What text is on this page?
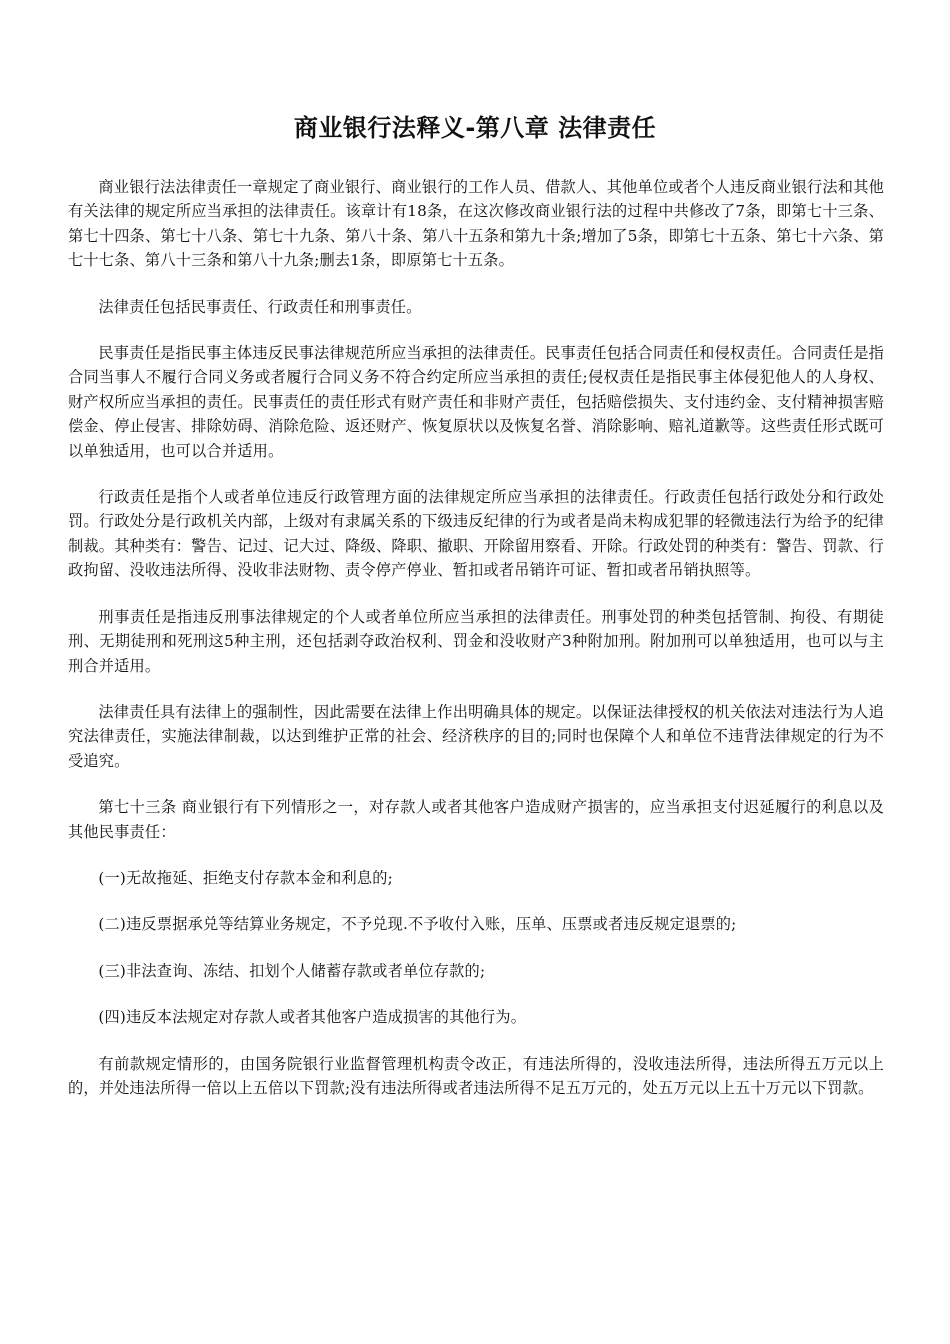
商业银行法释义-第八章 法律责任

商业银行法法律责任一章规定了商业银行、商业银行的工作人员、借款人、其他单位或者个人违反商业银行法和其他有关法律的规定所应当承担的法律责任。该章计有18条，在这次修改商业银行法的过程中共修改了7条，即第七十三条、第七十四条、第七十八条、第七十九条、第八十条、第八十五条和第九十条;增加了5条，即第七十五条、第七十六条、第七十七条、第八十三条和第八十九条;删去1条，即原第七十五条。

法律责任包括民事责任、行政责任和刑事责任。

民事责任是指民事主体违反民事法律规范所应当承担的法律责任。民事责任包括合同责任和侵权责任。合同责任是指合同当事人不履行合同义务或者履行合同义务不符合约定所应当承担的责任;侵权责任是指民事主体侵犯他人的人身权、财产权所应当承担的责任。民事责任的责任形式有财产责任和非财产责任，包括赔偿损失、支付违约金、支付精神损害赔偿金、停止侵害、排除妨碍、消除危险、返还财产、恢复原状以及恢复名誉、消除影响、赔礼道歉等。这些责任形式既可以单独适用，也可以合并适用。

行政责任是指个人或者单位违反行政管理方面的法律规定所应当承担的法律责任。行政责任包括行政处分和行政处罚。行政处分是行政机关内部，上级对有隶属关系的下级违反纪律的行为或者是尚未构成犯罪的轻微违法行为给予的纪律制裁。其种类有：警告、记过、记大过、降级、降职、撤职、开除留用察看、开除。行政处罚的种类有：警告、罚款、行政拘留、没收违法所得、没收非法财物、责令停产停业、暂扣或者吊销许可证、暂扣或者吊销执照等。

刑事责任是指违反刑事法律规定的个人或者单位所应当承担的法律责任。刑事处罚的种类包括管制、拘役、有期徒刑、无期徒刑和死刑这5种主刑，还包括剥夺政治权利、罚金和没收财产3种附加刑。附加刑可以单独适用，也可以与主刑合并适用。

法律责任具有法律上的强制性，因此需要在法律上作出明确具体的规定。以保证法律授权的机关依法对违法行为人追究法律责任，实施法律制裁，以达到维护正常的社会、经济秩序的目的;同时也保障个人和单位不违背法律规定的行为不受追究。

第七十三条 商业银行有下列情形之一，对存款人或者其他客户造成财产损害的，应当承担支付迟延履行的利息以及其他民事责任：

(一)无故拖延、拒绝支付存款本金和利息的;

(二)违反票据承兑等结算业务规定，不予兑现.不予收付入账，压单、压票或者违反规定退票的;

(三)非法查询、冻结、扣划个人储蓄存款或者单位存款的;

(四)违反本法规定对存款人或者其他客户造成损害的其他行为。

有前款规定情形的，由国务院银行业监督管理机构责令改正，有违法所得的，没收违法所得，违法所得五万元以上的，并处违法所得一倍以上五倍以下罚款;没有违法所得或者违法所得不足五万元的，处五万元以上五十万元以下罚款。
